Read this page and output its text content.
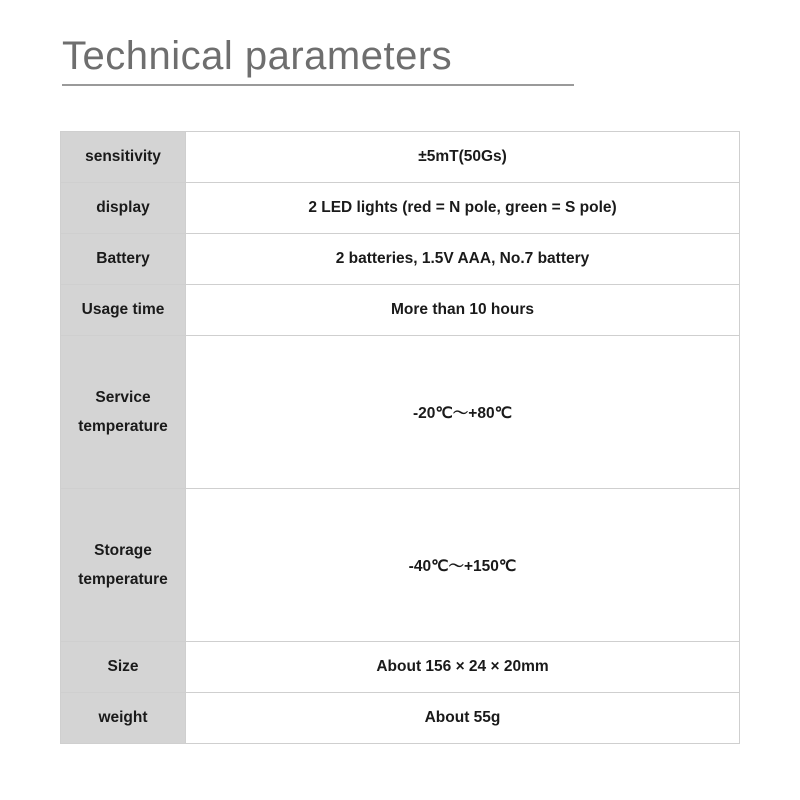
Technical parameters
sensitivity	±5mT(50Gs)
display	2 LED lights (red = N pole, green = S pole)
Battery	2 batteries, 1.5V AAA, No.7 battery
Usage time	More than 10 hours
Service temperature	-20℃～+80℃
Storage temperature	-40℃～+150℃
Size	About 156 × 24 × 20mm
weight	About 55g
